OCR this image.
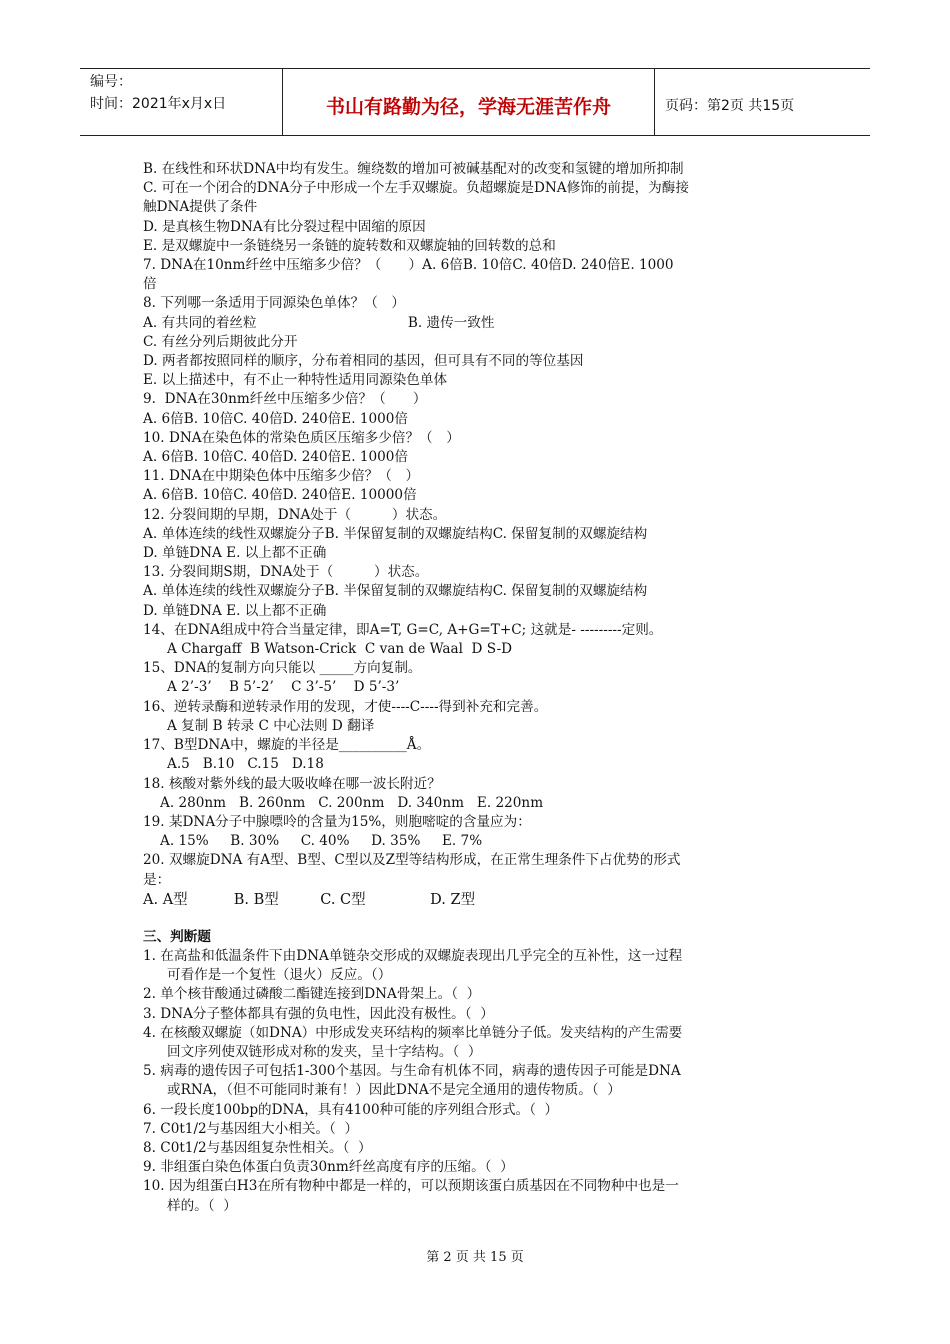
编号：
时间：2021年x月x日	书山有路勤为径，学海无涯苦作舟	页码：第2页 共15页
B. 在线性和环状DNA中均有发生。缠绕数的增加可被碱基配对的改变和氢键的增加所抑制
C. 可在一个闭合的DNA分子中形成一个左手双螺旋。负超螺旋是DNA修饰的前提，为酶接
触DNA提供了条件
D. 是真核生物DNA有比分裂过程中固缩的原因
E. 是双螺旋中一条链绕另一条链的旋转数和双螺旋轴的回转数的总和
7. DNA在10nm纤丝中压缩多少倍？（　　）A. 6倍B. 10倍C. 40倍D. 240倍E. 1000
倍
8. 下列哪一条适用于同源染色单体？（　）
A. 有共同的着丝粒                                   B. 遗传一致性
C. 有丝分列后期彼此分开
D. 两者都按照同样的顺序，分布着相同的基因，但可具有不同的等位基因
E. 以上描述中，有不止一种特性适用同源染色单体
9.  DNA在30nm纤丝中压缩多少倍？（　　）
A. 6倍B. 10倍C. 40倍D. 240倍E. 1000倍
10. DNA在染色体的常染色质区压缩多少倍？（　）
A. 6倍B. 10倍C. 40倍D. 240倍E. 1000倍
11. DNA在中期染色体中压缩多少倍？（　）
A. 6倍B. 10倍C. 40倍D. 240倍E. 10000倍
12. 分裂间期的早期，DNA处于（　　　）状态。
A. 单体连续的线性双螺旋分子B. 半保留复制的双螺旋结构C. 保留复制的双螺旋结构
D. 单链DNA E. 以上都不正确
13. 分裂间期S期，DNA处于（　　　）状态。
A. 单体连续的线性双螺旋分子B. 半保留复制的双螺旋结构C. 保留复制的双螺旋结构
D. 单链DNA E. 以上都不正确
14、在DNA组成中符合当量定律，即A=T, G=C, A+G=T+C; 这就是- ---------定则。
A Chargaff  B Watson-Crick  C van de Waal  D S-D
15、DNA的复制方向只能以 _____方向复制。
A 2’-3’    B 5’-2’    C 3’-5’    D 5’-3’
16、逆转录酶和逆转录作用的发现，才使----C----得到补充和完善。
A 复制 B 转录 C 中心法则 D 翻译
17、B型DNA中，螺旋的半径是__________Å。
A.5   B.10   C.15   D.18
18. 核酸对紫外线的最大吸收峰在哪一波长附近？
A. 280nm   B. 260nm   C. 200nm   D. 340nm   E. 220nm
19. 某DNA分子中腺嘌呤的含量为15%，则胞嘧啶的含量应为：
A. 15%     B. 30%     C. 40%     D. 35%     E. 7%
20. 双螺旋DNA 有A型、B型、C型以及Z型等结构形成，在正常生理条件下占优势的形式
是：
A. A型          B. B型         C. C型              D. Z型
三、判断题
1. 在高盐和低温条件下由DNA单链杂交形成的双螺旋表现出几乎完全的互补性，这一过程
可看作是一个复性（退火）反应。（）
2. 单个核苷酸通过磷酸二酯键连接到DNA骨架上。（  ）
3. DNA分子整体都具有强的负电性，因此没有极性。（  ）
4. 在核酸双螺旋（如DNA）中形成发夹环结构的频率比单链分子低。发夹结构的产生需要
回文序列使双链形成对称的发夹，呈十字结构。（  ）
5. 病毒的遗传因子可包括1-300个基因。与生命有机体不同，病毒的遗传因子可能是DNA
或RNA，（但不可能同时兼有！）因此DNA不是完全通用的遗传物质。（  ）
6. 一段长度100bp的DNA，具有4100种可能的序列组合形式。（  ）
7. C0t1/2与基因组大小相关。（  ）
8. C0t1/2与基因组复杂性相关。（  ）
9. 非组蛋白染色体蛋白负责30nm纤丝高度有序的压缩。（  ）
10. 因为组蛋白H3在所有物种中都是一样的，可以预期该蛋白质基因在不同物种中也是一
样的。（  ）
第 2 页 共 15 页
